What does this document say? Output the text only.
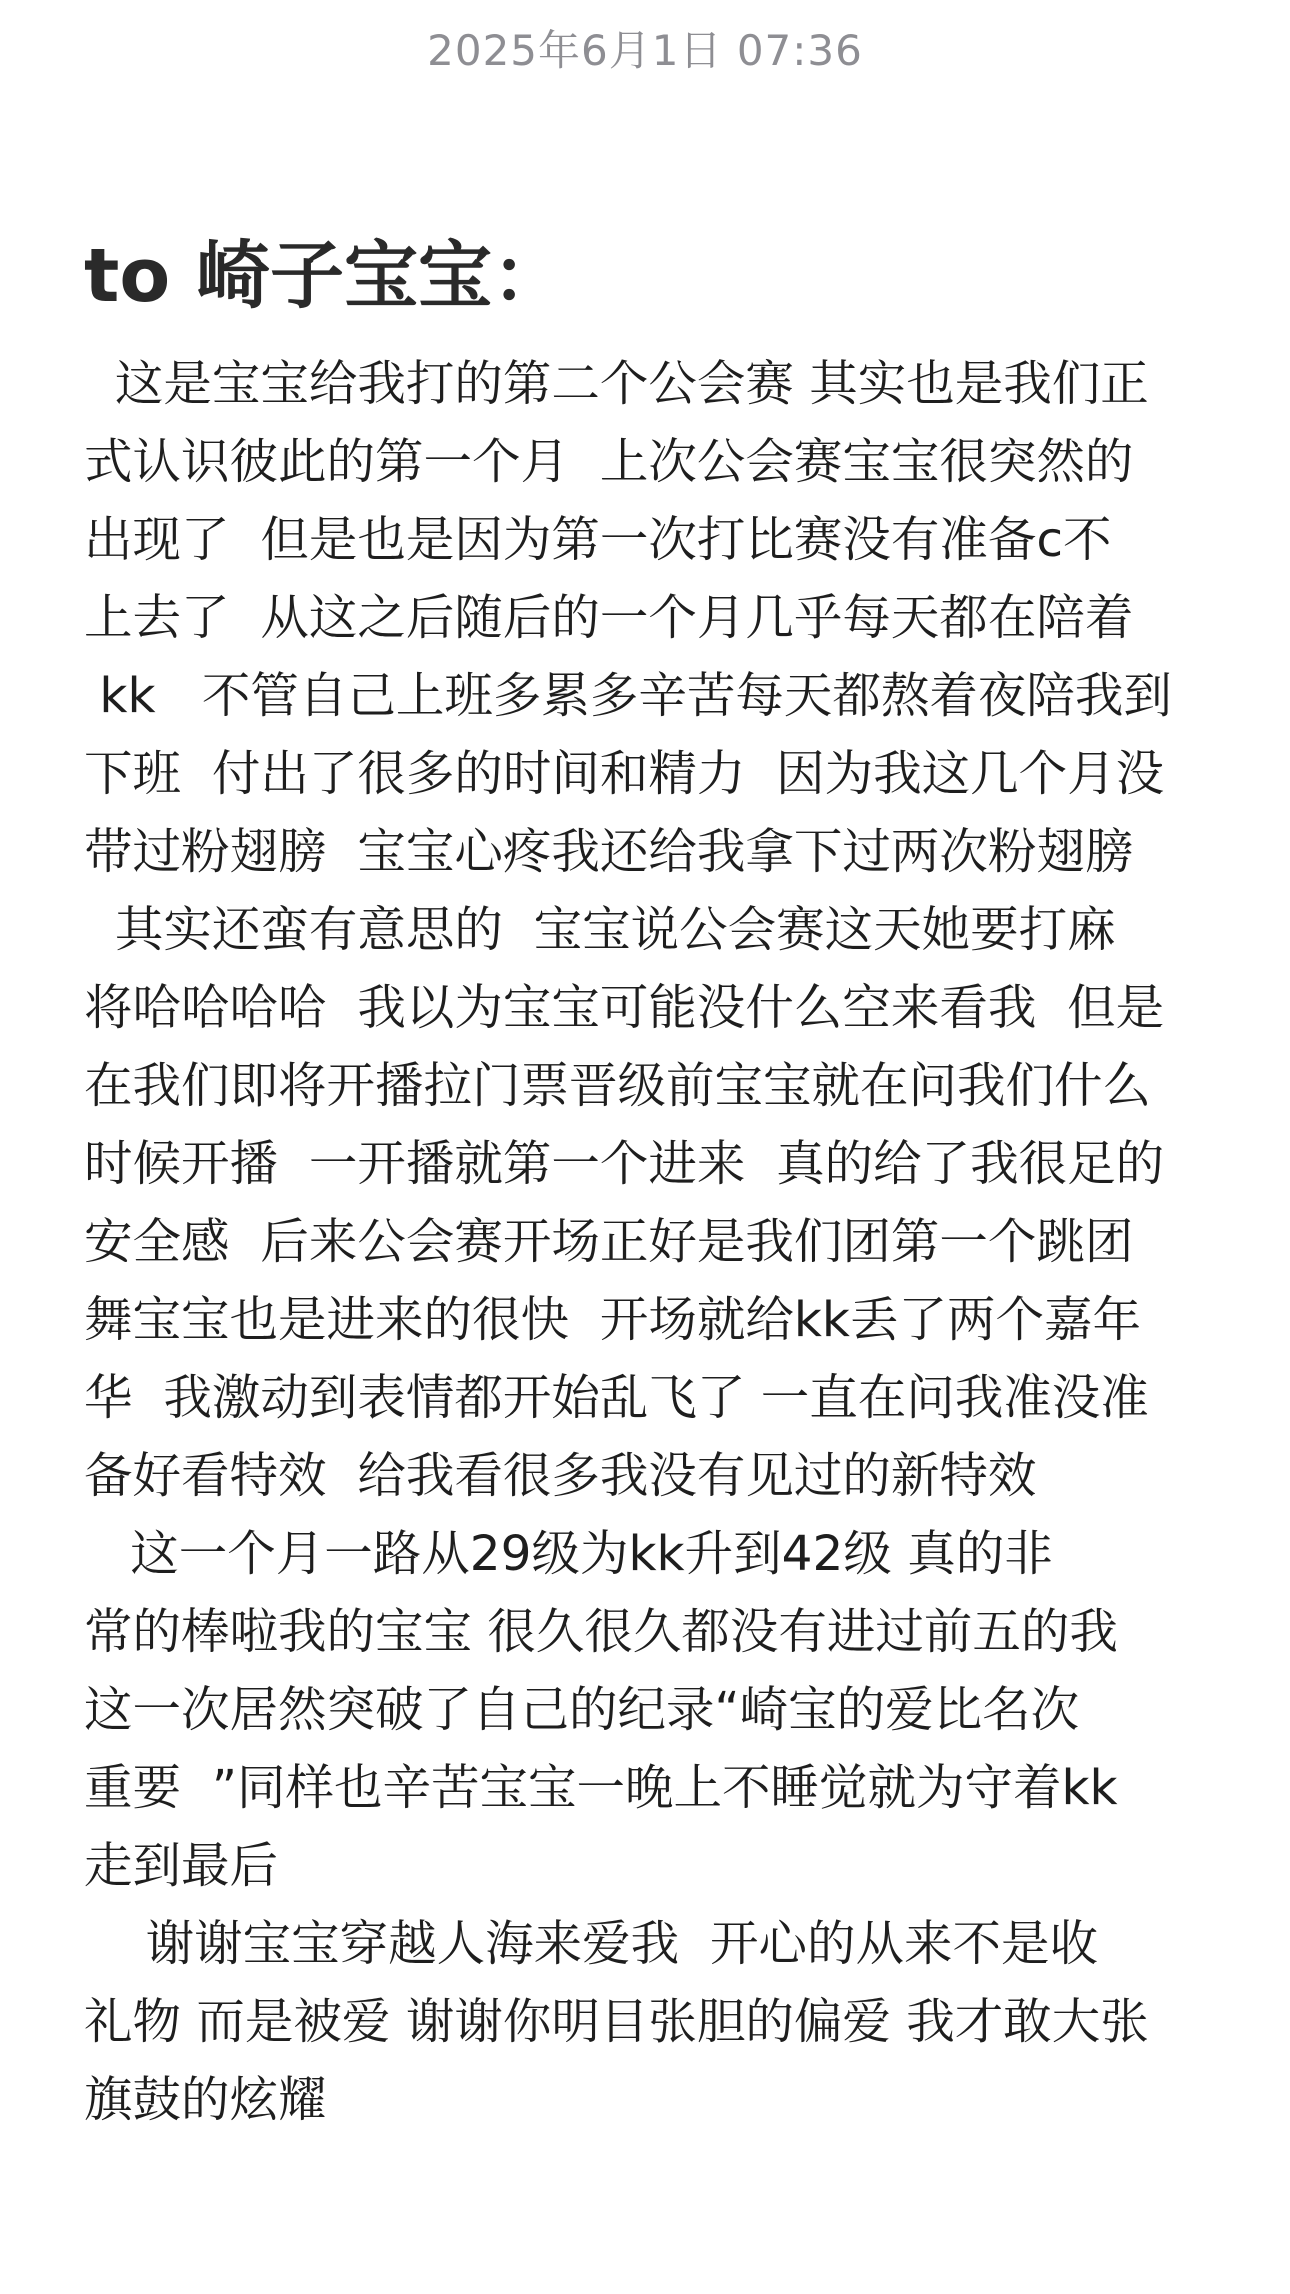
2025年6月1日 07:36
to 崎子宝宝：
这是宝宝给我打的第二个公会赛 其实也是我们正
式认识彼此的第一个月  上次公会赛宝宝很突然的
出现了  但是也是因为第一次打比赛没有准备c不
上去了  从这之后随后的一个月几乎每天都在陪着
kk   不管自己上班多累多辛苦每天都熬着夜陪我到
下班  付出了很多的时间和精力  因为我这几个月没
带过粉翅膀  宝宝心疼我还给我拿下过两次粉翅膀
其实还蛮有意思的  宝宝说公会赛这天她要打麻
将哈哈哈哈  我以为宝宝可能没什么空来看我  但是
在我们即将开播拉门票晋级前宝宝就在问我们什么
时候开播  一开播就第一个进来  真的给了我很足的
安全感  后来公会赛开场正好是我们团第一个跳团
舞宝宝也是进来的很快  开场就给kk丢了两个嘉年
华  我激动到表情都开始乱飞了 一直在问我准没准
备好看特效  给我看很多我没有见过的新特效
这一个月一路从29级为kk升到42级 真的非
常的棒啦我的宝宝 很久很久都没有进过前五的我
这一次居然突破了自己的纪录“崎宝的爱比名次
重要  ”同样也辛苦宝宝一晚上不睡觉就为守着kk
走到最后
谢谢宝宝穿越人海来爱我  开心的从来不是收
礼物 而是被爱 谢谢你明目张胆的偏爱 我才敢大张
旗鼓的炫耀
